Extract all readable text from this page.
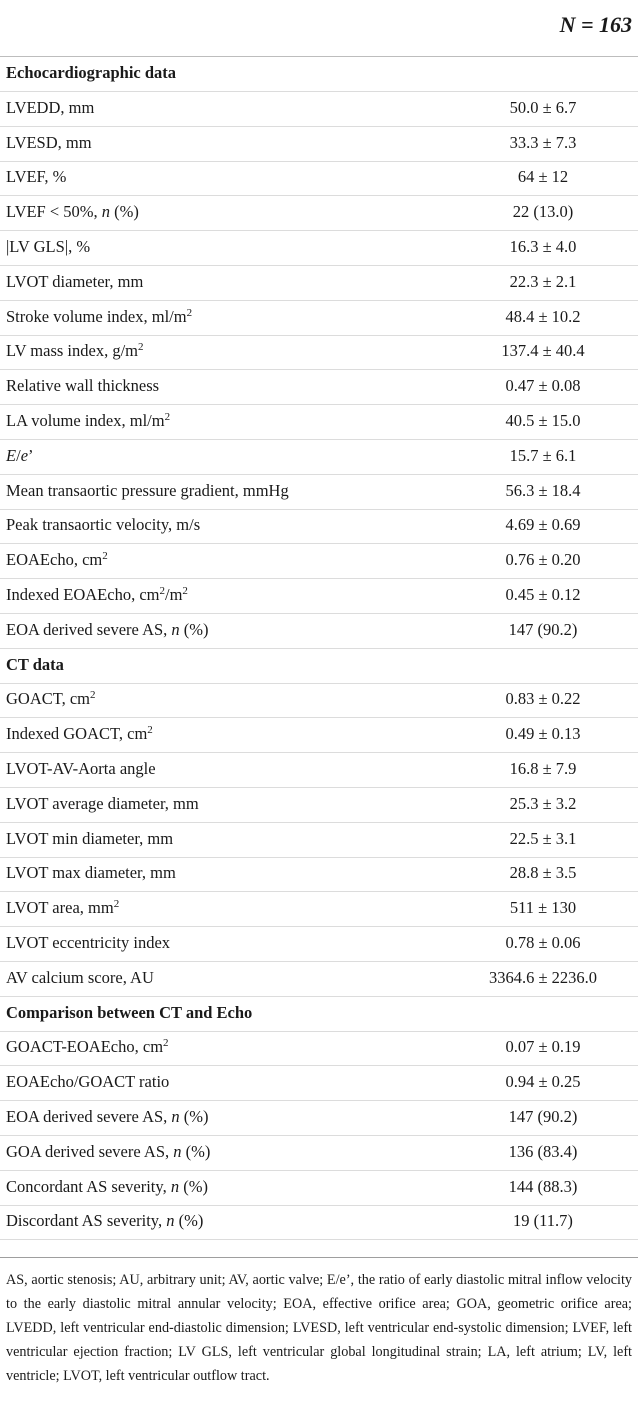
N = 163
Echocardiographic data
LVEDD, mm	50.0 ± 6.7
LVESD, mm	33.3 ± 7.3
LVEF, %	64 ± 12
LVEF < 50%, n (%)	22 (13.0)
|LV GLS|, %	16.3 ± 4.0
LVOT diameter, mm	22.3 ± 2.1
Stroke volume index, $ml/m^2$	48.4 ± 10.2
LV mass index, $g/m^2$	137.4 ± 40.4
Relative wall thickness	0.47 ± 0.08
LA volume index, $ml/m^2$	40.5 ± 15.0
E/e’	15.7 ± 6.1
Mean transaortic pressure gradient, mmHg	56.3 ± 18.4
Peak transaortic velocity, m/s	4.69 ± 0.69
EOAEcho, $cm^2$	0.76 ± 0.20
Indexed EOAEcho, $cm^2/m^2$	0.45 ± 0.12
EOA derived severe AS, n (%)	147 (90.2)
CT data
GOACT, $cm^2$	0.83 ± 0.22
Indexed GOACT, $cm^2$	0.49 ± 0.13
LVOT-AV-Aorta angle	16.8 ± 7.9
LVOT average diameter, mm	25.3 ± 3.2
LVOT min diameter, mm	22.5 ± 3.1
LVOT max diameter, mm	28.8 ± 3.5
LVOT area, $mm^2$	511 ± 130
LVOT eccentricity index	0.78 ± 0.06
AV calcium score, AU	3364.6 ± 2236.0
Comparison between CT and Echo
GOACT-EOAEcho, $cm^2$	0.07 ± 0.19
EOAEcho/GOACT ratio	0.94 ± 0.25
EOA derived severe AS, n (%)	147 (90.2)
GOA derived severe AS, n (%)	136 (83.4)
Concordant AS severity, n (%)	144 (88.3)
Discordant AS severity, n (%)	19 (11.7)
AS, aortic stenosis; AU, arbitrary unit; AV, aortic valve; E/e’, the ratio of early diastolic mitral inflow velocity to the early diastolic mitral annular velocity; EOA, effective orifice area; GOA, geometric orifice area; LVEDD, left ventricular end-diastolic dimension; LVESD, left ventricular end-systolic dimension; LVEF, left ventricular ejection fraction; LV GLS, left ventricular global longitudinal strain; LA, left atrium; LV, left ventricle; LVOT, left ventricular outflow tract.
